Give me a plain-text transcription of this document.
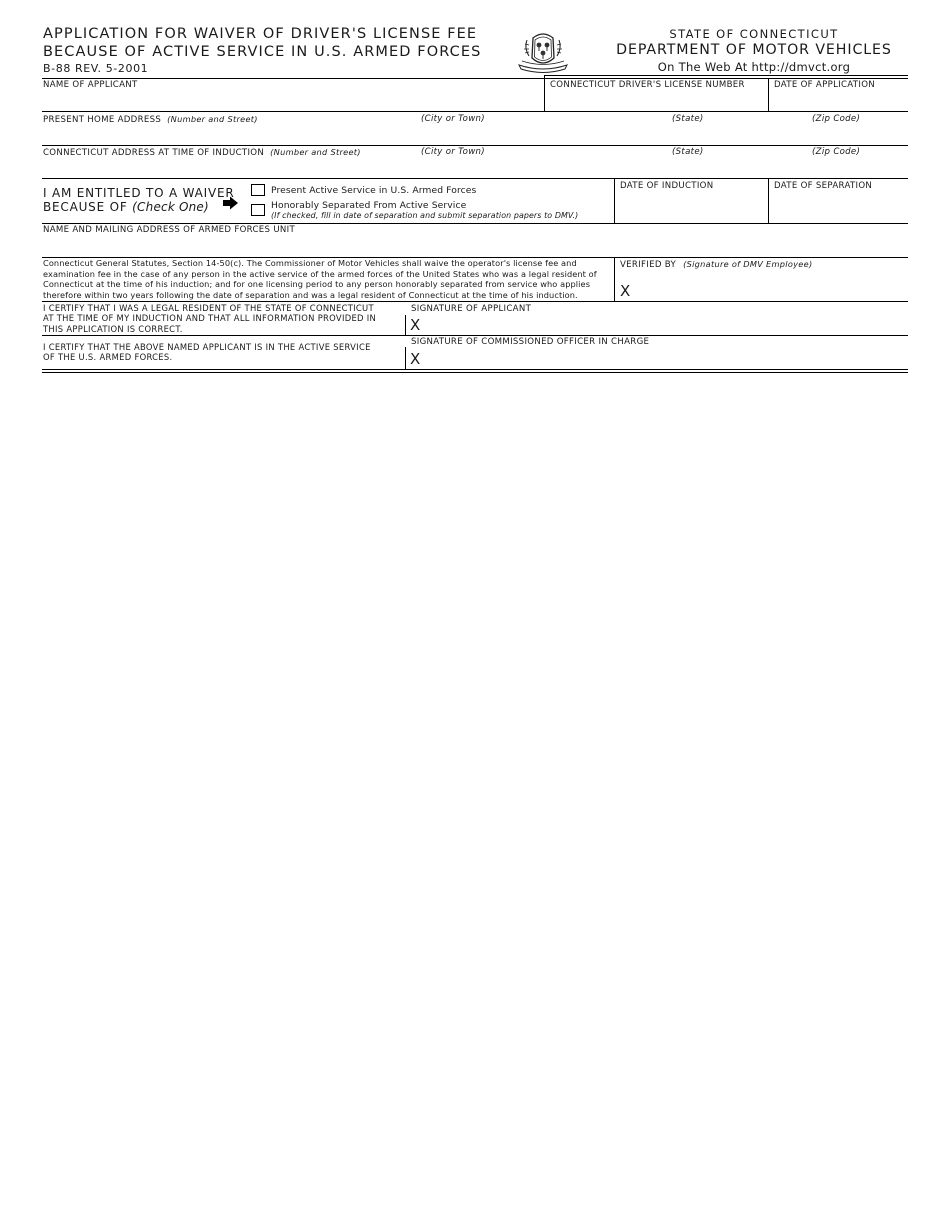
APPLICATION FOR WAIVER OF DRIVER'S LICENSE FEE
BECAUSE OF ACTIVE SERVICE IN U.S. ARMED FORCES
B-88 REV. 5-2001
STATE OF CONNECTICUT
DEPARTMENT OF MOTOR VEHICLES
On The Web At http://dmvct.org
NAME OF APPLICANT	CONNECTICUT DRIVER'S LICENSE NUMBER	DATE OF APPLICATION
PRESENT HOME ADDRESS (Number and Street)	(City or Town)	(State)	(Zip Code)
CONNECTICUT ADDRESS AT TIME OF INDUCTION (Number and Street)	(City or Town)	(State)	(Zip Code)
I AM ENTITLED TO A WAIVER
BECAUSE OF (Check One)
Present Active Service in U.S. Armed Forces
Honorably Separated From Active Service
(If checked, fill in date of separation and submit separation papers to DMV.)
DATE OF INDUCTION	DATE OF SEPARATION
NAME AND MAILING ADDRESS OF ARMED FORCES UNIT
Connecticut General Statutes, Section 14-50(c). The Commissioner of Motor Vehicles shall waive the operator's license fee and
examination fee in the case of any person in the active service of the armed forces of the United States who was a legal resident of
Connecticut at the time of his induction; and for one licensing period to any person honorably separated from service who applies
therefore within two years following the date of separation and was a legal resident of Connecticut at the time of his induction.
VERIFIED BY (Signature of DMV Employee)
X
I CERTIFY THAT I WAS A LEGAL RESIDENT OF THE STATE OF CONNECTICUT
AT THE TIME OF MY INDUCTION AND THAT ALL INFORMATION PROVIDED IN
THIS APPLICATION IS CORRECT.
SIGNATURE OF APPLICANT
X
I CERTIFY THAT THE ABOVE NAMED APPLICANT IS IN THE ACTIVE SERVICE
OF THE U.S. ARMED FORCES.
SIGNATURE OF COMMISSIONED OFFICER IN CHARGE
X
